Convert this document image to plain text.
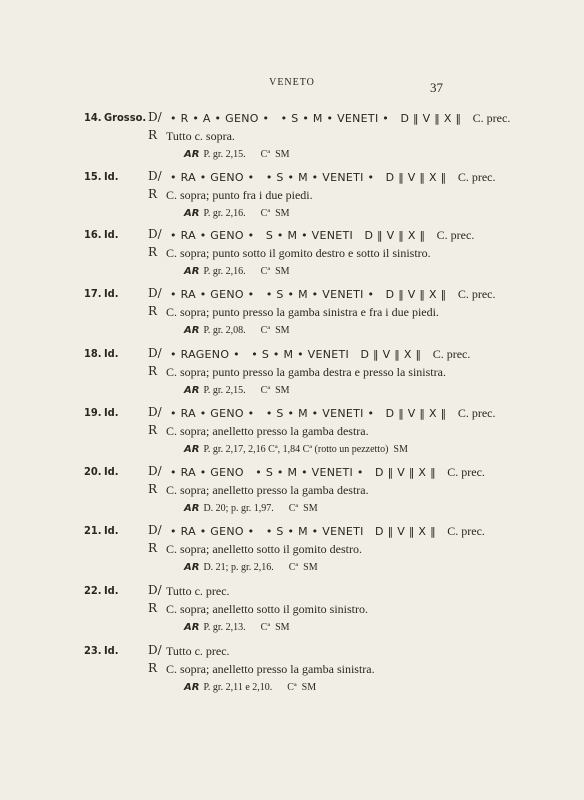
VENETO	37
14. Grosso. D/ • R • A • GENO •   • S • M • VENETI •   D ‖ V ‖ X ‖ C. prec.
R Tutto c. sopra.
AR P. gr. 2,15.      Cª  SM
15. Id. D/ • RA • GENO •   • S • M • VENETI •   D ‖ V ‖ X ‖ C. prec.
R C. sopra; punto fra i due piedi.
AR P. gr. 2,16.      Cª  SM
16. Id. D/ • RA • GENO •   S • M • VENETI   D ‖ V ‖ X ‖ C. prec.
R C. sopra; punto sotto il gomito destro e sotto il sinistro.
AR P. gr. 2,16.      Cª  SM
17. Id. D/ • RA • GENO •   • S • M • VENETI •   D ‖ V ‖ X ‖ C. prec.
R C. sopra; punto presso la gamba sinistra e fra i due piedi.
AR P. gr. 2,08.      Cª  SM
18. Id. D/ • RAGENO •   • S • M • VENETI   D ‖ V ‖ X ‖ C. prec.
R C. sopra; punto presso la gamba destra e presso la sinistra.
AR P. gr. 2,15.      Cª  SM
19. Id. D/ • RA • GENO •   • S • M • VENETI •   D ‖ V ‖ X ‖ C. prec.
R C. sopra; anelletto presso la gamba destra.
AR P. gr. 2,17, 2,16 Cª, 1,84 Cª (rotto un pezzetto)  SM
20. Id. D/ • RA • GENO   • S • M • VENETI •   D ‖ V ‖ X ‖ C. prec.
R C. sopra; anelletto presso la gamba destra.
AR D. 20; p. gr. 1,97.      Cª  SM
21. Id. D/ • RA • GENO •   • S • M • VENETI   D ‖ V ‖ X ‖ C. prec.
R C. sopra; anelletto sotto il gomito destro.
AR D. 21; p. gr. 2,16.      Cª  SM
22. Id. D/ Tutto c. prec.
R C. sopra; anelletto sotto il gomito sinistro.
AR P. gr. 2,13.      Cª  SM
23. Id. D/ Tutto c. prec.
R C. sopra; anelletto presso la gamba sinistra.
AR P. gr. 2,11 e 2,10.      Cª  SM
